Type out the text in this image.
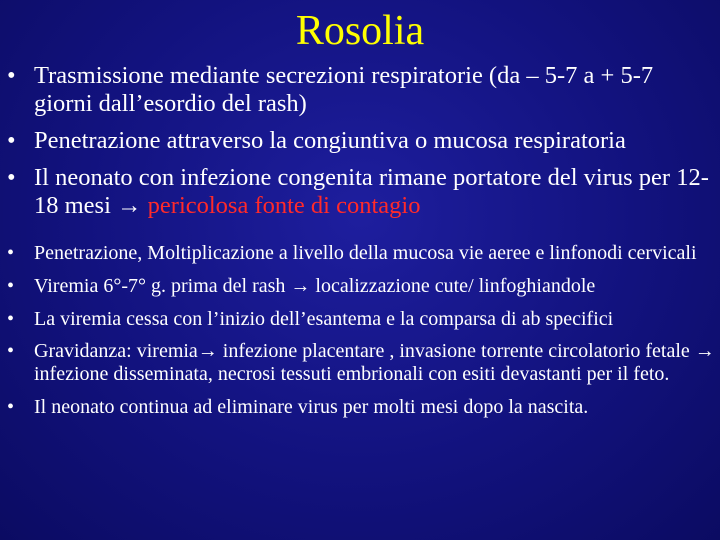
Rosolia
• Trasmissione mediante secrezioni respiratorie (da – 5-7 a + 5-7 giorni dall’esordio del rash)
• Penetrazione attraverso la congiuntiva o mucosa respiratoria
• Il neonato con infezione congenita rimane portatore del virus per 12-18 mesi → pericolosa fonte di contagio
• Penetrazione, Moltiplicazione a livello della mucosa vie aeree e linfonodi cervicali
• Viremia 6°-7° g. prima del rash → localizzazione cute/ linfoghiandole
• La viremia cessa con l’inizio dell’esantema e la comparsa di ab specifici
• Gravidanza: viremia→ infezione placentare , invasione torrente circolatorio fetale → infezione disseminata, necrosi tessuti embrionali con esiti devastanti per il feto.
• Il neonato continua ad eliminare virus per molti mesi dopo la nascita.
